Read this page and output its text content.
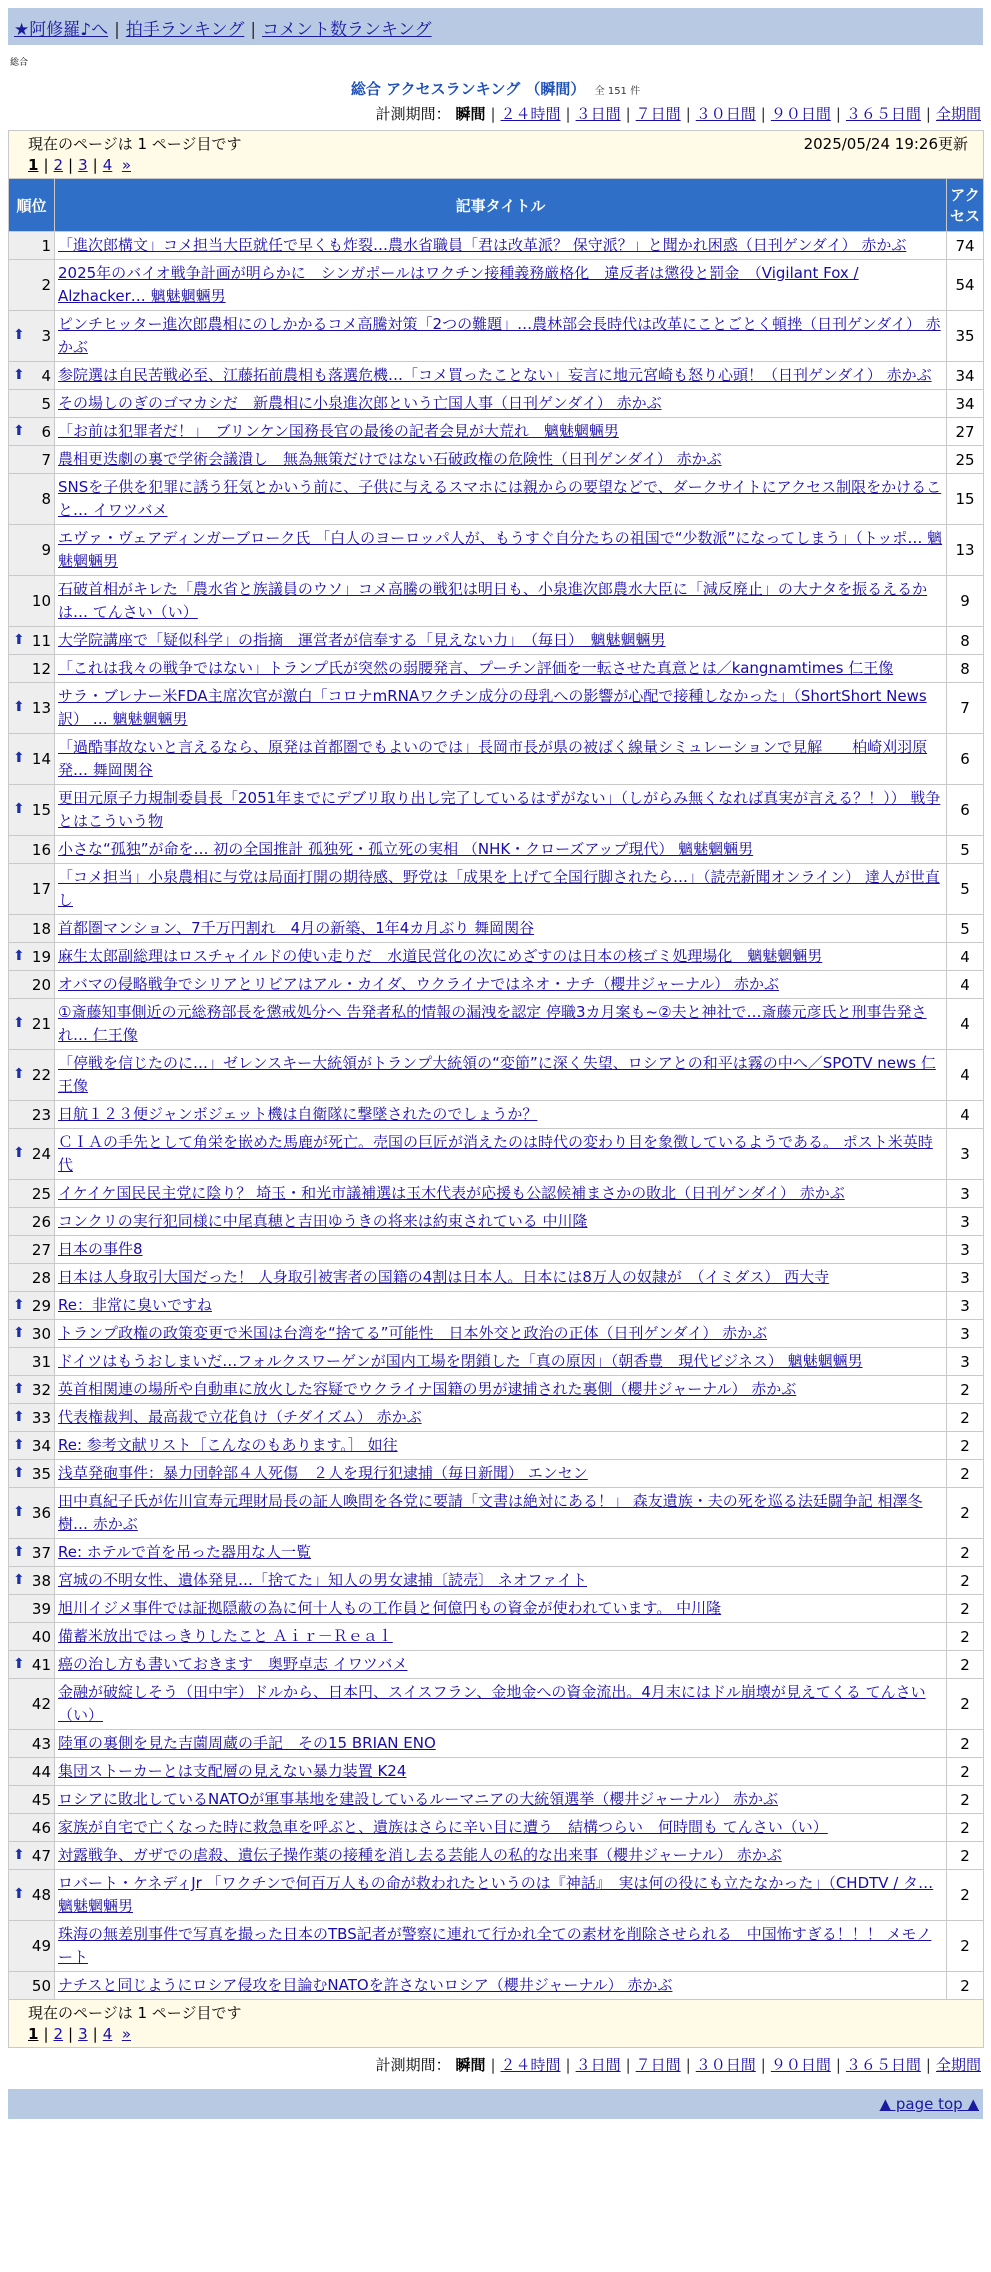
★阿修羅♪へ | 拍手ランキング | コメント数ランキング
総合
総合 アクセスランキング （瞬間） 全 151 件
計測期間： 瞬間 | ２４時間 | ３日間 | ７日間 | ３０日間 | ９０日間 | ３６５日間 | 全期間
現在のページは 1 ページ目です 2025/05/24 19:26更新
1 | 2 | 3 | 4 »		

順位	記事タイトル	アクセス
1	「進次郎構文」コメ担当大臣就任で早くも炸裂…農水省職員「君は改革派？ 保守派？」と聞かれ困惑（日刊ゲンダイ） 赤かぶ	74
2	2025年のバイオ戦争計画が明らかに　シンガポールはワクチン接種義務厳格化　違反者は懲役と罰金　（Vigilant Fox / Alzhacker… 魑魅魍魎男	54

⬆ 3	ピンチヒッター進次郎農相にのしかかるコメ高騰対策「2つの難題」…農林部会長時代は改革にことごとく頓挫（日刊ゲンダイ） 赤かぶ	35

⬆ 4	参院選は自民苦戦必至、江藤拓前農相も落選危機…「コメ買ったことない」妄言に地元宮崎も怒り心頭！（日刊ゲンダイ） 赤かぶ	34
5	その場しのぎのゴマカシだ　新農相に小泉進次郎という亡国人事（日刊ゲンダイ） 赤かぶ	34

⬆ 6	「お前は犯罪者だ！」　ブリンケン国務長官の最後の記者会見が大荒れ　魑魅魍魎男	27
7	農相更迭劇の裏で学術会議潰し　無為無策だけではない石破政権の危険性（日刊ゲンダイ） 赤かぶ	25
8	SNSを子供を犯罪に誘う狂気とかいう前に、子供に与えるスマホには親からの要望などで、ダークサイトにアクセス制限をかけること… イワツバメ	15
9	エヴァ・ヴェアディンガーブローク氏 「白人のヨーロッパ人が、もうすぐ自分たちの祖国で“少数派”になってしまう」（トッポ… 魑魅魍魎男	13
10	石破首相がキレた「農水省と族議員のウソ」コメ高騰の戦犯は明日も、小泉進次郎農水大臣に「減反廃止」の大ナタを振るえるかは… てんさい（い）	9

⬆ 11	大学院講座で「疑似科学」の指摘　運営者が信奉する「見えない力」　（毎日）　魑魅魍魎男	8
12	「これは我々の戦争ではない」トランプ氏が突然の弱腰発言、プーチン評価を一転させた真意とは／kangnamtimes 仁王像	8

⬆ 13	サラ・ブレナー米FDA主席次官が激白「コロナmRNAワクチン成分の母乳への影響が心配で接種しなかった」（ShortShort News訳） … 魑魅魍魎男	7

⬆ 14	「過酷事故ないと言えるなら、原発は首都圏でもよいのでは」長岡市長が県の被ばく線量シミュレーションで見解　　柏崎刈羽原発… 舞岡関谷	6

⬆ 15	更田元原子力規制委員長「2051年までにデブリ取り出し完了しているはずがない」（しがらみ無くなれば真実が言える？！）） 戦争とはこういう物	6
16	小さな“孤独”が命を… 初の全国推計 孤独死・孤立死の実相 （NHK・クローズアップ現代） 魑魅魍魎男	5
17	「コメ担当」小泉農相に与党は局面打開の期待感、野党は「成果を上げて全国行脚されたら…」（読売新聞オンライン） 達人が世直し	5
18	首都圏マンション、7千万円割れ　4月の新築、1年4カ月ぶり 舞岡関谷	5

⬆ 19	麻生太郎副総理はロスチャイルドの使い走りだ　水道民営化の次にめざすのは日本の核ゴミ処理場化　魑魅魍魎男	4
20	オバマの侵略戦争でシリアとリビアはアル・カイダ、ウクライナではネオ・ナチ（櫻井ジャーナル） 赤かぶ	4

⬆ 21	①斎藤知事側近の元総務部長を懲戒処分へ 告発者私的情報の漏洩を認定 停職3カ月案も~②夫と神社で…斎藤元彦氏と刑事告発され… 仁王像	4

⬆ 22	「停戦を信じたのに…」ゼレンスキー大統領がトランプ大統領の“変節”に深く失望、ロシアとの和平は霧の中へ／SPOTV news 仁王像	4
23	日航１２３便ジャンボジェット機は自衛隊に撃墜されたのでしょうか？	4

⬆ 24	ＣＩＡの手先として角栄を嵌めた馬鹿が死亡。売国の巨匠が消えたのは時代の変わり目を象徴しているようである。 ポスト米英時代	3
25	イケイケ国民民主党に陰り？ 埼玉・和光市議補選は玉木代表が応援も公認候補まさかの敗北（日刊ゲンダイ） 赤かぶ	3
26	コンクリの実行犯同様に中尾真穂と吉田ゆうきの将来は約束されている 中川隆	3
27	日本の事件8	3
28	日本は人身取引大国だった！ 人身取引被害者の国籍の4割は日本人。日本には8万人の奴隷が　（イミダス） 西大寺	3

⬆ 29	Re：非常に臭いですね	3

⬆ 30	トランプ政権の政策変更で米国は台湾を“捨てる”可能性　日本外交と政治の正体（日刊ゲンダイ） 赤かぶ	3
31	ドイツはもうおしまいだ…フォルクスワーゲンが国内工場を閉鎖した「真の原因」（朝香豊　現代ビジネス） 魑魅魍魎男	3

⬆ 32	英首相関連の場所や自動車に放火した容疑でウクライナ国籍の男が逮捕された裏側（櫻井ジャーナル） 赤かぶ	2

⬆ 33	代表権裁判、最高裁で立花負け（チダイズム） 赤かぶ	2

⬆ 34	Re: 参考文献リスト［こんなのもあります。］ 如往	2

⬆ 35	浅草発砲事件：暴力団幹部４人死傷　２人を現行犯逮捕（毎日新聞） エンセン	2

⬆ 36	田中真紀子氏が佐川宣寿元理財局長の証人喚問を各党に要請「文書は絶対にある！」 森友遺族・夫の死を巡る法廷闘争記 相澤冬樹… 赤かぶ	2

⬆ 37	Re: ホテルで首を吊った器用な人一覧	2

⬆ 38	宮城の不明女性、遺体発見…「捨てた」知人の男女逮捕〔読売〕 ネオファイト	2
39	旭川イジメ事件では証拠隠蔽の為に何十人もの工作員と何億円もの資金が使われています。 中川隆	2
40	備蓄米放出ではっきりしたこと Ａｉｒ－Ｒｅａｌ	2

⬆ 41	癌の治し方も書いておきます　奥野卓志 イワツバメ	2
42	金融が破綻しそう（田中宇）ドルから、日本円、スイスフラン、金地金への資金流出。4月末にはドル崩壊が見えてくる てんさい（い）	2
43	陸軍の裏側を見た吉薗周蔵の手記　その15 BRIAN ENO	2
44	集団ストーカーとは支配層の見えない暴力装置 K24	2
45	ロシアに敗北しているNATOが軍事基地を建設しているルーマニアの大統領選挙（櫻井ジャーナル） 赤かぶ	2
46	家族が自宅で亡くなった時に救急車を呼ぶと、遺族はさらに辛い目に遭う　結構つらい　何時間も てんさい（い）	2

⬆ 47	対露戦争、ガザでの虐殺、遺伝子操作薬の接種を消し去る芸能人の私的な出来事（櫻井ジャーナル） 赤かぶ	2

⬆ 48	ロバート・ケネディJr 「ワクチンで何百万人もの命が救われたというのは『神話』　実は何の役にも立たなかった」（CHDTV / タ… 魑魅魍魎男	2
49	珠海の無差別事件で写真を撮った日本のTBS記者が警察に連れて行かれ全ての素材を削除させられる　中国怖すぎる！！！ メモノート	2
50	ナチスと同じようにロシア侵攻を目論むNATOを許さないロシア（櫻井ジャーナル） 赤かぶ	2

現在のページは 1 ページ目です
1 | 2 | 3 | 4 »		
計測期間： 瞬間 | ２４時間 | ３日間 | ７日間 | ３０日間 | ９０日間 | ３６５日間 | 全期間
▲ page top ▲
